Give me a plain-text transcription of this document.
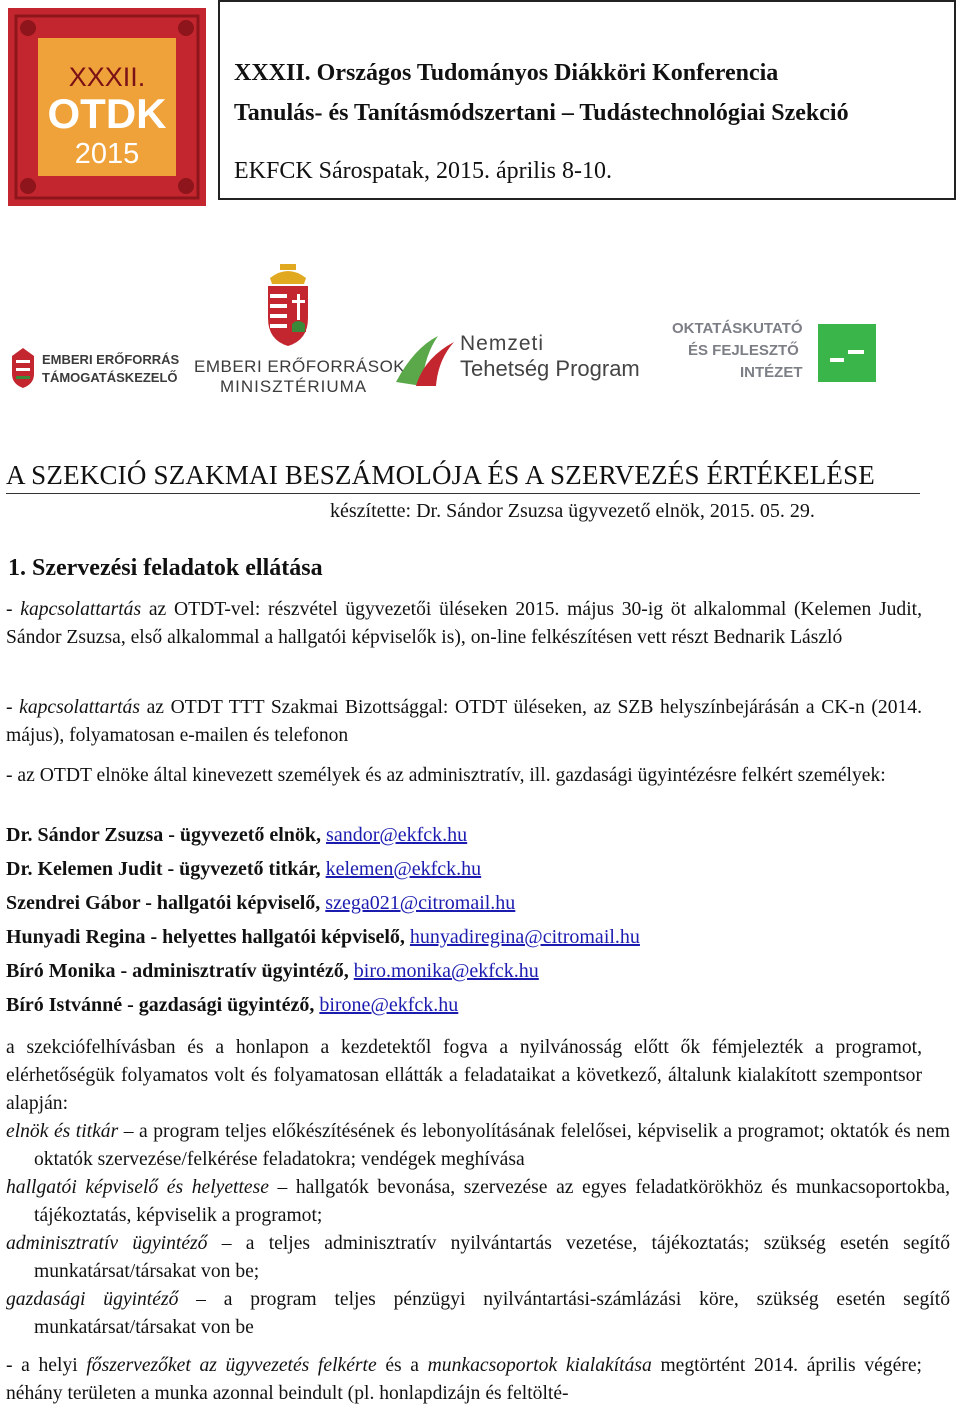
XXXII.
OTDK
2015
XXXII. Országos Tudományos Diákköri Konferencia
Tanulás- és Tanításmódszertani – Tudástechnológiai Szekció
EKFCK Sárospatak, 2015. április 8-10.
EMBERI ERŐFORRÁS
TÁMOGATÁSKEZELŐ
EMBERI ERŐFORRÁSOK
MINISZTÉRIUMA
Nemzeti
Tehetség Program
OKTATÁSKUTATÓ
ÉS FEJLESZTŐ
INTÉZET
A SZEKCIÓ SZAKMAI BESZÁMOLÓJA ÉS A SZERVEZÉS ÉRTÉKELÉSE
készítette: Dr. Sándor Zsuzsa ügyvezető elnök, 2015. 05. 29.
1. Szervezési feladatok ellátása
- kapcsolattartás az OTDT-vel: részvétel ügyvezetői üléseken 2015. május 30-ig öt alkalommal (Kelemen Judit, Sándor Zsuzsa, első alkalommal a hallgatói képviselők is), on-line felkészítésen vett részt Bednarik László
- kapcsolattartás az OTDT TTT Szakmai Bizottsággal: OTDT üléseken, az SZB helyszínbejárásán a CK-n (2014. május), folyamatosan e-mailen és telefonon
- az OTDT elnöke által kinevezett személyek és az adminisztratív, ill. gazdasági ügyintézésre felkért személyek:
Dr. Sándor Zsuzsa - ügyvezető elnök, sandor@ekfck.hu
Dr. Kelemen Judit - ügyvezető titkár, kelemen@ekfck.hu
Szendrei Gábor - hallgatói képviselő, szega021@citromail.hu
Hunyadi Regina - helyettes hallgatói képviselő, hunyadiregina@citromail.hu
Bíró Monika - adminisztratív ügyintéző, biro.monika@ekfck.hu
Bíró Istvánné - gazdasági ügyintéző, birone@ekfck.hu
a szekciófelhívásban és a honlapon a kezdetektől fogva a nyilvánosság előtt ők fémjelezték a programot, elérhetőségük folyamatos volt és folyamatosan ellátták a feladataikat a következő, általunk kialakított szempontsor alapján:
elnök és titkár – a program teljes előkészítésének és lebonyolításának felelősei, képviselik a programot; oktatók és nem oktatók szervezése/felkérése feladatokra; vendégek meghívása
hallgatói képviselő és helyettese – hallgatók bevonása, szervezése az egyes feladatkörökhöz és munkacsoportokba, tájékoztatás, képviselik a programot;
adminisztratív ügyintéző – a teljes adminisztratív nyilvántartás vezetése, tájékoztatás; szükség esetén segítő munkatársat/társakat von be;
gazdasági ügyintéző – a program teljes pénzügyi nyilvántartási-számlázási köre, szükség esetén segítő munkatársat/társakat von be
- a helyi főszervezőket az ügyvezetés felkérte és a munkacsoportok kialakítása megtörtént 2014. április végére; néhány területen a munka azonnal beindult (pl. honlapdizájn és feltölté-
